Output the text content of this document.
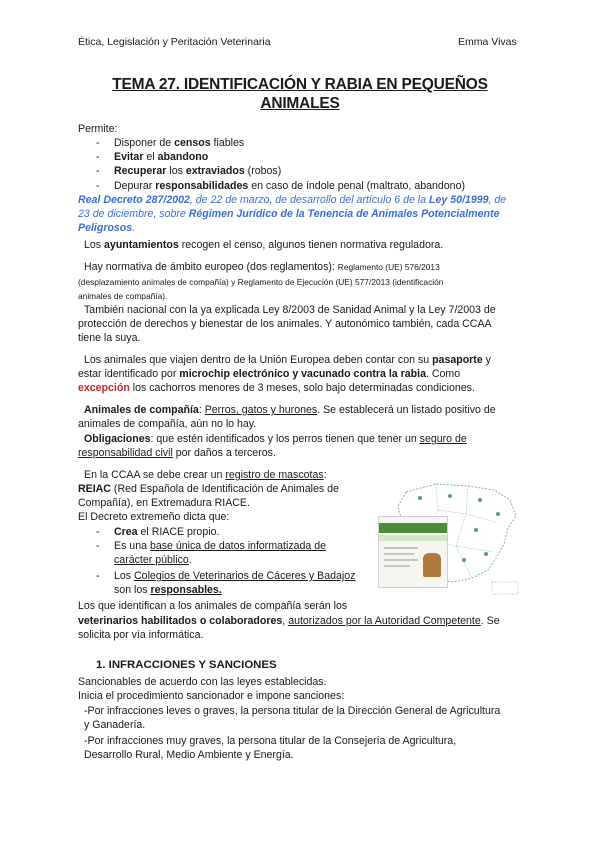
Ética, Legislación y Peritación Veterinaria	Emma Vivas
TEMA 27. IDENTIFICACIÓN Y RABIA EN PEQUEÑOS
ANIMALES
Permite:
- Disponer de censos fiables
- Evitar el abandono
- Recuperar los extraviados (robos)
- Depurar responsabilidades en caso de índole penal (maltrato, abandono)
Real Decreto 287/2002, de 22 de marzo, de desarrollo del artículo 6 de la Ley 50/1999, de
23 de diciembre, sobre Régimen Jurídico de la Tenencia de Animales Potencialmente
Peligrosos.
Los ayuntamientos recogen el censo, algunos tienen normativa reguladora.
Hay normativa de ámbito europeo (dos reglamentos): Reglamento (UE) 576/2013
(desplazamiento animales de compañía) y Reglamento de Ejecución (UE) 577/2013 (identificación
animales de compañía).
También nacional con la ya explicada Ley 8/2003 de Sanidad Animal y la Ley 7/2003 de
protección de derechos y bienestar de los animales. Y autonómico también, cada CCAA
tiene la suya.
Los animales que viajen dentro de la Unión Europea deben contar con su pasaporte y
estar identificado por microchip electrónico y vacunado contra la rabia. Como
excepción los cachorros menores de 3 meses, solo bajo determinadas condiciones.
Animales de compañía: Perros, gatos y hurones. Se establecerá un listado positivo de
animales de compañía, aún no lo hay.
Obligaciones: que estén identificados y los perros tienen que tener un seguro de
responsabilidad civil por daños a terceros.
En la CCAA se debe crear un registro de mascotas:
REIAC (Red Española de Identificación de Animales de
Compañía), en Extremadura RIACE.
El Decreto extremeño dicta que:
- Crea el RIACE propio.
- Es una base única de datos informatizada de
carácter público.
- Los Colegios de Veterinarios de Cáceres y Badajoz
son los responsables.
Los que identifican a los animales de compañía serán los
veterinarios habilitados o colaboradores, autorizados por la Autoridad Competente. Se
solicita por vía informática.
1. INFRACCIONES Y SANCIONES
Sancionables de acuerdo con las leyes establecidas.
Inicia el procedimiento sancionador e impone sanciones:
-Por infracciones leves o graves, la persona titular de la Dirección General de Agricultura
y Ganadería.
-Por infracciones muy graves, la persona titular de la Consejería de Agricultura,
Desarrollo Rural, Medio Ambiente y Energía.
